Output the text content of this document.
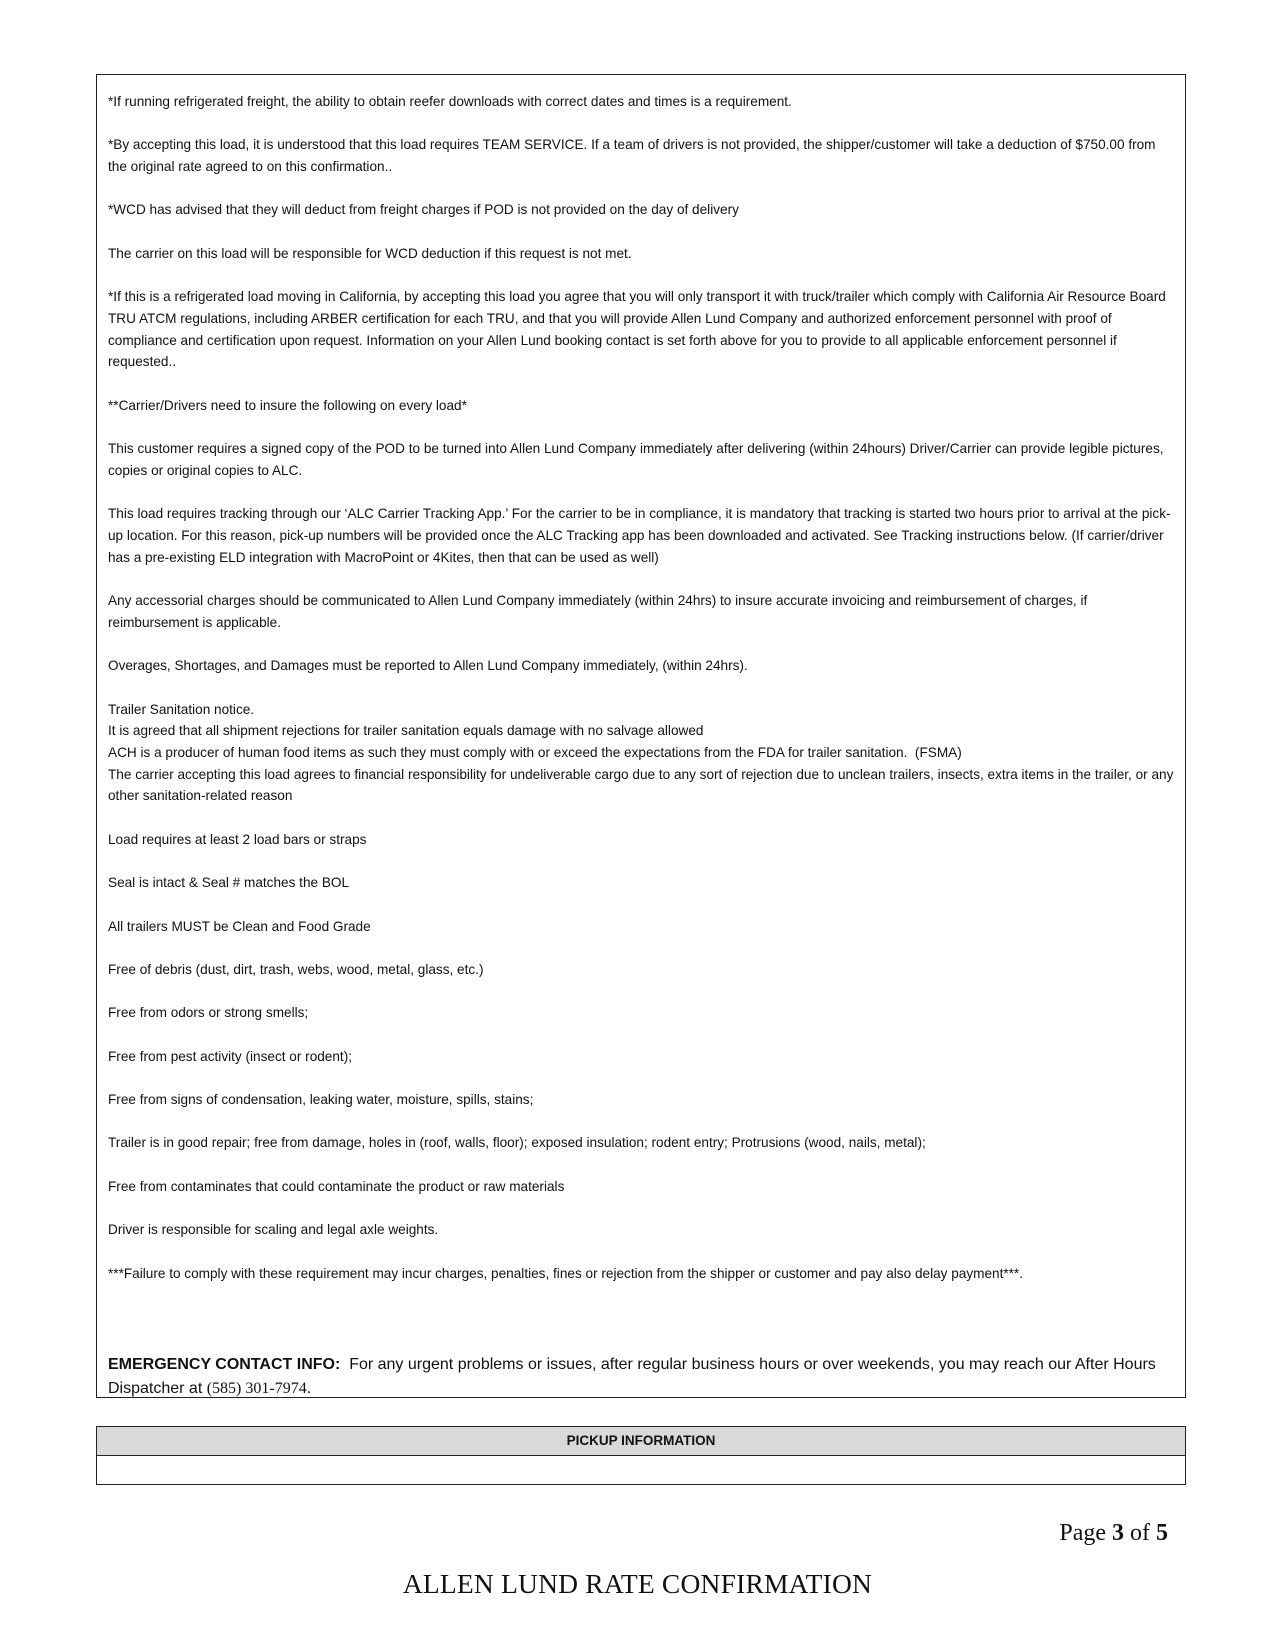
*If running refrigerated freight, the ability to obtain reefer downloads with correct dates and times is a requirement.

*By accepting this load, it is understood that this load requires TEAM SERVICE. If a team of drivers is not provided, the shipper/customer will take a deduction of $750.00 from the original rate agreed to on this confirmation..

*WCD has advised that they will deduct from freight charges if POD is not provided on the day of delivery

The carrier on this load will be responsible for WCD deduction if this request is not met.

*If this is a refrigerated load moving in California, by accepting this load you agree that you will only transport it with truck/trailer which comply with California Air Resource Board TRU ATCM regulations, including ARBER certification for each TRU, and that you will provide Allen Lund Company and authorized enforcement personnel with proof of compliance and certification upon request. Information on your Allen Lund booking contact is set forth above for you to provide to all applicable enforcement personnel if requested..

**Carrier/Drivers need to insure the following on every load*

This customer requires a signed copy of the POD to be turned into Allen Lund Company immediately after delivering (within 24hours) Driver/Carrier can provide legible pictures, copies or original copies to ALC.

This load requires tracking through our ‘ALC Carrier Tracking App.’ For the carrier to be in compliance, it is mandatory that tracking is started two hours prior to arrival at the pick-up location. For this reason, pick-up numbers will be provided once the ALC Tracking app has been downloaded and activated. See Tracking instructions below. (If carrier/driver has a pre-existing ELD integration with MacroPoint or 4Kites, then that can be used as well)

Any accessorial charges should be communicated to Allen Lund Company immediately (within 24hrs) to insure accurate invoicing and reimbursement of charges, if reimbursement is applicable.

Overages, Shortages, and Damages must be reported to Allen Lund Company immediately, (within 24hrs).

Trailer Sanitation notice.
It is agreed that all shipment rejections for trailer sanitation equals damage with no salvage allowed
ACH is a producer of human food items as such they must comply with or exceed the expectations from the FDA for trailer sanitation.  (FSMA)
The carrier accepting this load agrees to financial responsibility for undeliverable cargo due to any sort of rejection due to unclean trailers, insects, extra items in the trailer, or any other sanitation-related reason

Load requires at least 2 load bars or straps

Seal is intact & Seal # matches the BOL

All trailers MUST be Clean and Food Grade

Free of debris (dust, dirt, trash, webs, wood, metal, glass, etc.)

Free from odors or strong smells;

Free from pest activity (insect or rodent);

Free from signs of condensation, leaking water, moisture, spills, stains;

Trailer is in good repair; free from damage, holes in (roof, walls, floor); exposed insulation; rodent entry; Protrusions (wood, nails, metal);

Free from contaminates that could contaminate the product or raw materials

Driver is responsible for scaling and legal axle weights.

***Failure to comply with these requirement may incur charges, penalties, fines or rejection from the shipper or customer and pay also delay payment***.

EMERGENCY CONTACT INFO: For any urgent problems or issues, after regular business hours or over weekends, you may reach our After Hours Dispatcher at (585) 301-7974.
PICKUP INFORMATION
Page 3 of 5
ALLEN LUND RATE CONFIRMATION
